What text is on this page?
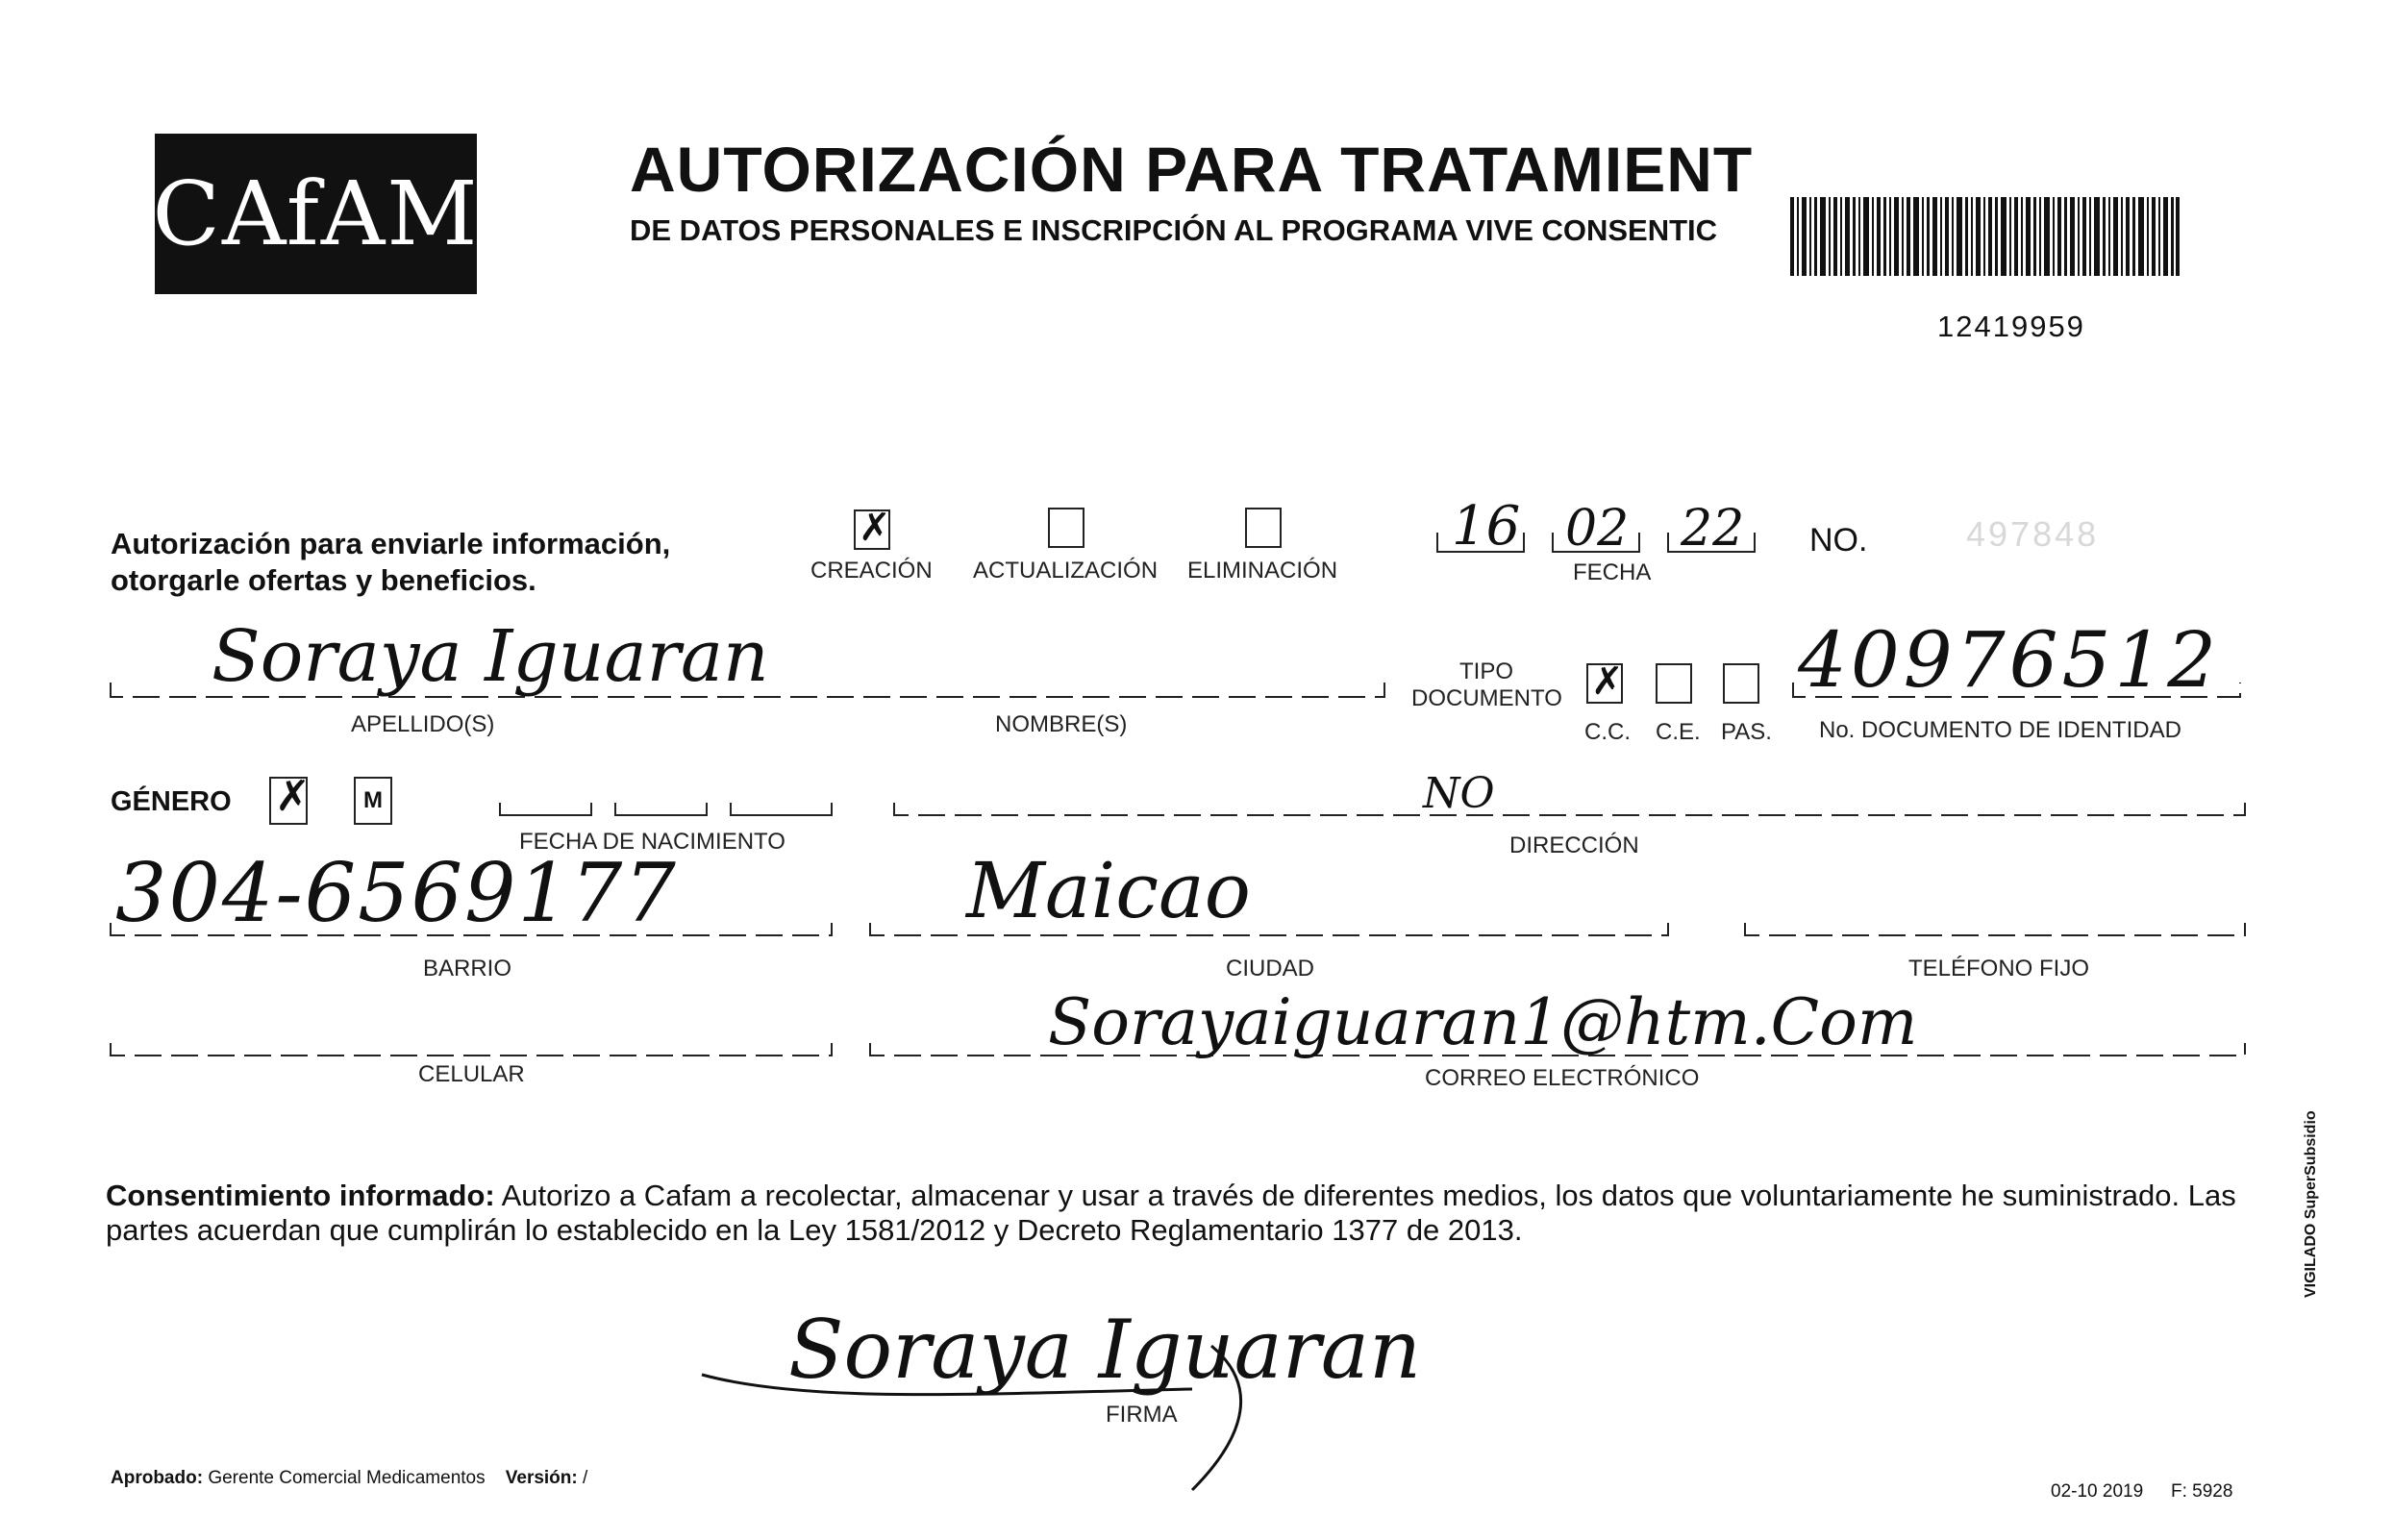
CAfAM AUTORIZACIÓN PARA TRATAMIENT
DE DATOS PERSONALES E INSCRIPCIÓN AL PROGRAMA VIVE CONSENTIC
12419959
Autorización para enviarle información,
otorgarle ofertas y beneficios.
✗	CREACIÓN ACTUALIZACIÓN ELIMINACIÓN
16 02 22
FECHA
NO.	497848
Soraya Iguaran
APELLIDO(S)	NOMBRE(S)
TIPO
DOCUMENTO
✗
C.C. C.E. PAS.
40976512
No. DOCUMENTO DE IDENTIDAD
GÉNERO
✗	M
FECHA DE NACIMIENTO
NO
DIRECCIÓN
304-6569177
BARRIO
Maicao
CIUDAD	TELÉFONO FIJO
CELULAR
Sorayaiguaran1@htm.Com
CORREO ELECTRÓNICO
Consentimiento informado: Autorizo a Cafam a recolectar, almacenar y usar a través de diferentes medios, los datos que voluntariamente he suministrado. Las partes acuerdan que cumplirán lo establecido en la Ley 1581/2012 y Decreto Reglamentario 1377 de 2013.
Soraya Iguaran
FIRMA
Aprobado: Gerente Comercial Medicamentos Versión: /
02-10 2019 F: 5928
VIGILADO SuperSubsidio
